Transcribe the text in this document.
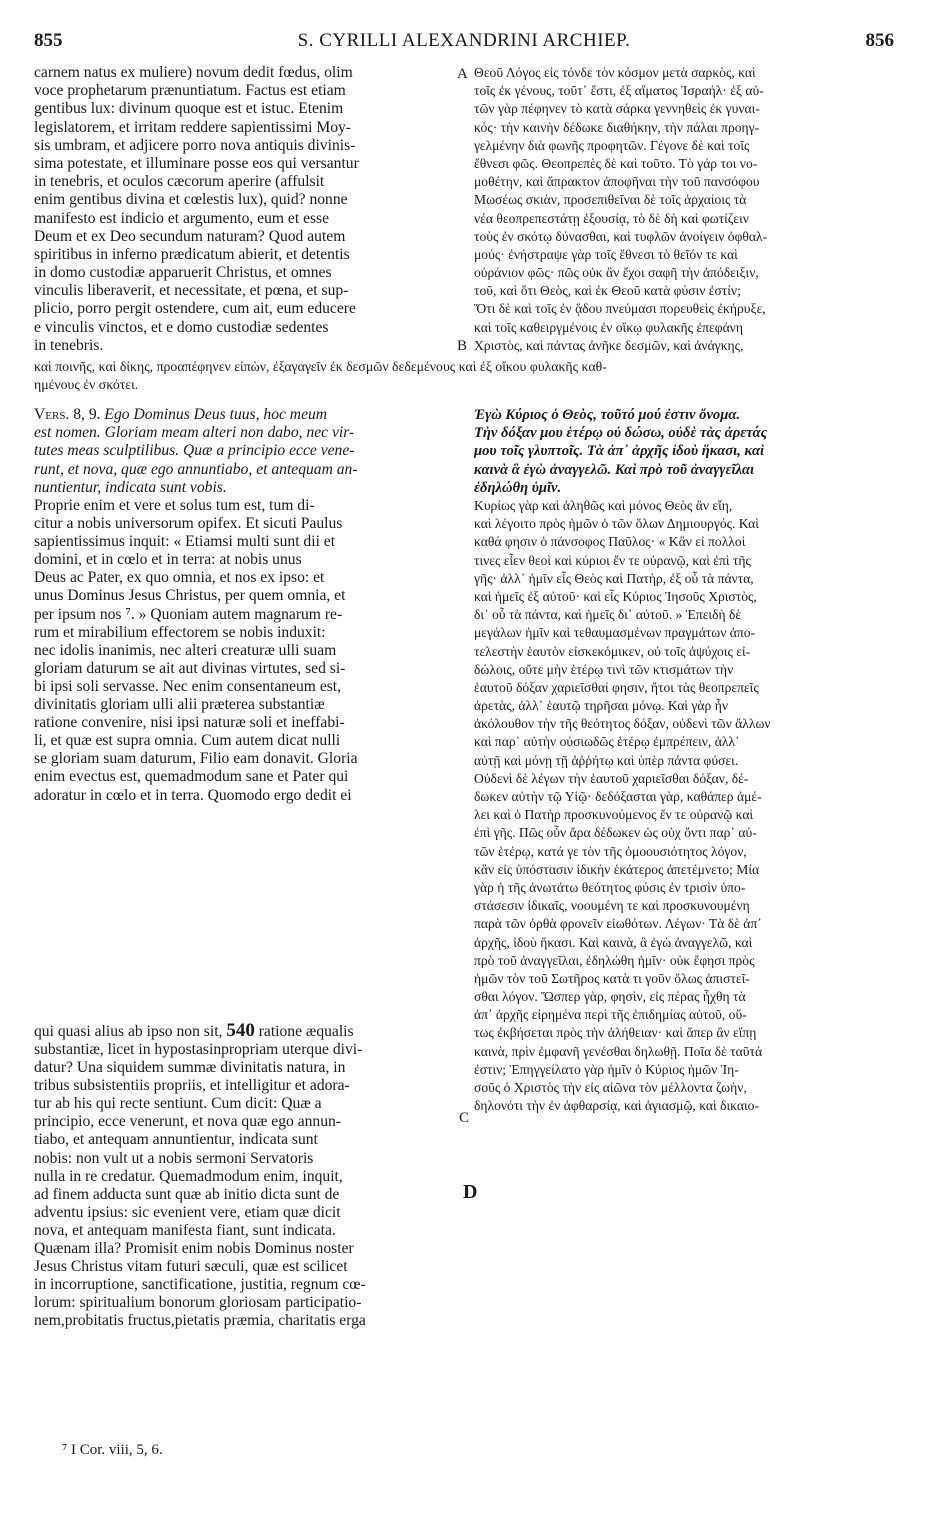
855	S. CYRILLI ALEXANDRINI ARCHIEP.	856
carnem natus ex muliere) novum dedit fœdus, olim
voce prophetarum prænuntiatum. Factus est etiam
gentibus lux: divinum quoque est et istuc. Etenim
legislatorem, et irritam reddere sapientissimi Moy-
sis umbram, et adjicere porro nova antiquis divinis-
sima potestate, et illuminare posse eos qui versantur
in tenebris, et oculos cæcorum aperire (affulsit
enim gentibus divina et cœlestis lux), quid? nonne
manifesto est indicio et argumento, eum et esse
Deum et ex Deo secundum naturam? Quod autem
spiritibus in inferno prædicatum abierit, et detentis
in domo custodiæ apparuerit Christus, et omnes
vinculis liberaverit, et necessitate, et pœna, et sup-
plicio, porro pergit ostendere, cum ait, eum educere
e vinculis vinctos, et e domo custodiæ sedentes
in tenebris.
Θεοῦ Λόγος εἰς τόνδε τὸν κόσμον μετὰ σαρκὸς, καὶ
τοῖς ἐκ γένους, τοῦτ᾽ ἔστι, ἐξ αἵματος Ἰσραήλ· ἐξ αὐ-
τῶν γὰρ πέφηνεν τὸ κατὰ σάρκα γεννηθεὶς ἐκ γυναι-
κός· τὴν καινὴν δέδωκε διαθήκην, τὴν πάλαι προηγ-
γελμένην διὰ φωνῆς προφητῶν. Γέγονε δὲ καὶ τοῖς
ἔθνεσι φῶς. Θεοπρεπὲς δὲ καὶ τοῦτο. Τὸ γάρ τοι νο-
μοθέτην, καὶ ἄπρακτον ἀποφῆναι τὴν τοῦ πανσόφου
Μωσέως σκιὰν, προσεπιθεῖναι δὲ τοῖς ἀρχαίοις τὰ
νέα θεοπρεπεστάτῃ ἐξουσίᾳ, τὸ δὲ δὴ καὶ φωτίζειν
τοὺς ἐν σκότῳ δύνασθαι, καὶ τυφλῶν ἀνοίγειν ὀφθαλ-
μούς· ἐνήστραψε γὰρ τοῖς ἔθνεσι τὸ θεῖόν τε καὶ
οὐράνιον φῶς· πῶς οὐκ ἂν ἔχοι σαφῆ τὴν ἀπόδειξιν,
τοῦ, καὶ ὅτι Θεὸς, καὶ ἐκ Θεοῦ κατὰ φύσιν ἐστίν;
Ὅτι δὲ καὶ τοῖς ἐν ᾅδου πνεύμασι πορευθεὶς ἐκήρυξε,
καὶ τοῖς καθειργμένοις ἐν οἴκῳ φυλακῆς ἐπεφάνη
Χριστὸς, καὶ πάντας ἀνῆκε δεσμῶν, καὶ ἀνάγκης,
A
B
C
D
καὶ ποινῆς, καὶ δίκης, προαπέφηνεν εἰπὼν, ἐξαγαγεῖν ἐκ δεσμῶν δεδεμένους καὶ ἐξ οἴκου φυλακῆς καθ-
ημένους ἐν σκότει.
Vers. 8, 9. Ego Dominus Deus tuus, hoc meum
est nomen. Gloriam meam alteri non dabo, nec vir-
tutes meas sculptilibus. Quæ a principio ecce vene-
runt, et nova, quæ ego annuntiabo, et antequam an-
nuntientur, indicata sunt vobis.
Ἐγὼ Κύριος ὁ Θεὸς, τοῦτό μού ἐστιν ὄνομα.
Τὴν δόξαν μου ἑτέρῳ οὐ δώσω, οὐδὲ τὰς ἀρετάς
μου τοῖς γλυπτοῖς. Τὰ ἀπ᾽ ἀρχῆς ἰδοὺ ἥκασι, καὶ
καινὰ ἃ ἐγὼ ἀναγγελῶ. Καὶ πρὸ τοῦ ἀναγγεῖλαι
ἐδηλώθη ὑμῖν.
Proprie enim et vere et solus tum est, tum di-
citur a nobis universorum opifex. Et sicuti Paulus
sapientissimus inquit: « Etiamsi multi sunt dii et
domini, et in cœlo et in terra: at nobis unus
Deus ac Pater, ex quo omnia, et nos ex ipso: et
unus Dominus Jesus Christus, per quem omnia, et
per ipsum nos ⁷. » Quoniam autem magnarum re-
rum et mirabilium effectorem se nobis induxit:
nec idolis inanimis, nec alteri creaturæ ulli suam
gloriam daturum se ait aut divinas virtutes, sed si-
bi ipsi soli servasse. Nec enim consentaneum est,
divinitatis gloriam ulli alii præterea substantiæ
ratione convenire, nisi ipsi naturæ soli et ineffabi-
li, et quæ est supra omnia. Cum autem dicat nulli
se gloriam suam daturum, Filio eam donavit. Gloria
enim evectus est, quemadmodum sane et Pater qui
adoratur in cœlo et in terra. Quomodo ergo dedit ei
qui quasi alius ab ipso non sit, 540 ratione æqualis
substantiæ, licet in hypostasinpropriam uterque divi-
datur? Una siquidem summæ divinitatis natura, in
tribus subsistentiis propriis, et intelligitur et adora-
tur ab his qui recte sentiunt. Cum dicit: Quæ a
principio, ecce venerunt, et nova quæ ego annun-
tiabo, et antequam annuntientur, indicata sunt
nobis: non vult ut a nobis sermoni Servatoris
nulla in re credatur. Quemadmodum enim, inquit,
ad finem adducta sunt quæ ab initio dicta sunt de
adventu ipsius: sic evenient vere, etiam quæ dicit
nova, et antequam manifesta fiant, sunt indicata.
Quænam illa? Promisit enim nobis Dominus noster
Jesus Christus vitam futuri sæculi, quæ est scilicet
in incorruptione, sanctificatione, justitia, regnum cœ-
lorum: spiritualium bonorum gloriosam participatio-
nem,probitatis fructus,pietatis præmia, charitatis erga
Κυρίως γὰρ καὶ ἀληθῶς καὶ μόνος Θεὸς ἂν εἴη,
καὶ λέγοιτο πρὸς ἡμῶν ὁ τῶν ὅλων Δημιουργός. Καὶ
καθά φησιν ὁ πάνσοφος Παῦλος· « Κἂν εἰ πολλοὶ
τινες εἶεν θεοὶ καὶ κύριοι ἔν τε οὐρανῷ, καὶ ἐπὶ τῆς
γῆς· ἀλλ᾽ ἡμῖν εἷς Θεὸς καὶ Πατὴρ, ἐξ οὗ τὰ πάντα,
καὶ ἡμεῖς ἐξ αὐτοῦ· καὶ εἷς Κύριος Ἰησοῦς Χριστὸς,
δι᾽ οὗ τὰ πάντα, καὶ ἡμεῖς δι᾽ αὐτοῦ. » Ἐπειδὴ δὲ
μεγάλων ἡμῖν καὶ τεθαυμασμένων πραγμάτων ἀπο-
τελεστὴν ἑαυτὸν εἰσκεκόμικεν, οὐ τοῖς ἀψύχοις εἰ-
δώλοις, οὔτε μὴν ἑτέρῳ τινὶ τῶν κτισμάτων τὴν
ἑαυτοῦ δόξαν χαριεῖσθαί φησιν, ἤτοι τὰς θεοπρεπεῖς
ἀρετὰς, ἀλλ᾽ ἑαυτῷ τηρῆσαι μόνῳ. Καὶ γὰρ ἦν
ἀκόλουθον τὴν τῆς θεότητος δόξαν, οὐδενὶ τῶν ἄλλων
καὶ παρ᾽ αὐτὴν οὐσιωδῶς ἑτέρῳ ἐμπρέπειν, ἀλλ᾽
αὐτῇ καὶ μόνῃ τῇ ἀῤῥήτῳ καὶ ὑπὲρ πάντα φύσει.
Οὐδενὶ δὲ λέγων τὴν ἑαυτοῦ χαριεῖσθαι δόξαν, δέ-
δωκεν αὐτὴν τῷ Υἱῷ· δεδόξασται γὰρ, καθάπερ ἀμέ-
λει καὶ ὁ Πατὴρ προσκυνούμενος ἔν τε οὐρανῷ καὶ
ἐπὶ γῆς. Πῶς οὖν ἄρα δέδωκεν ὡς οὐχ ὄντι παρ᾽ αὐ-
τῶν ἑτέρῳ, κατά γε τὸν τῆς ὁμοουσιότητος λόγον,
κἂν εἰς ὑπόστασιν ἰδικὴν ἑκάτερος ἀπετέμνετο; Μία
γὰρ ἡ τῆς ἀνωτάτω θεότητος φύσις ἐν τρισὶν ὑπο-
στάσεσιν ἰδικαῖς, νοουμένη τε καὶ προσκυνουμένη
παρὰ τῶν ὀρθὰ φρονεῖν εἰωθότων. Λέγων· Τὰ δὲ ἀπ᾽
ἀρχῆς, ἰδοὺ ἥκασι. Καὶ καινὰ, ἃ ἐγὼ ἀναγγελῶ, καὶ
πρὸ τοῦ ἀναγγεῖλαι, ἐδηλώθη ἡμῖν· οὐκ ἔφησι πρὸς
ἡμῶν τὸν τοῦ Σωτῆρος κατὰ τι γοῦν ὅλως ἀπιστεῖ-
σθαι λόγον. Ὥσπερ γὰρ, φησὶν, εἰς πέρας ἦχθη τὰ
ἀπ᾽ ἀρχῆς εἰρημένα περὶ τῆς ἐπιδημίας αὐτοῦ, οὕ-
τως ἐκβήσεται πρὸς τὴν ἀλήθειαν· καὶ ἅπερ ἂν εἴπῃ
καινὰ, πρὶν ἐμφανῆ γενέσθαι δηλωθῇ. Ποῖα δὲ ταῦτά
ἐστιν; Ἐπηγγείλατο γὰρ ἡμῖν ὁ Κύριος ἡμῶν Ἰη-
σοῦς ὁ Χριστὸς τὴν εἰς αἰῶνα τὸν μέλλοντα ζωὴν,
δηλονότι τὴν ἐν ἀφθαρσίᾳ, καὶ ἁγιασμῷ, καὶ δικαιο-
⁷ I Cor. viii, 5, 6.
